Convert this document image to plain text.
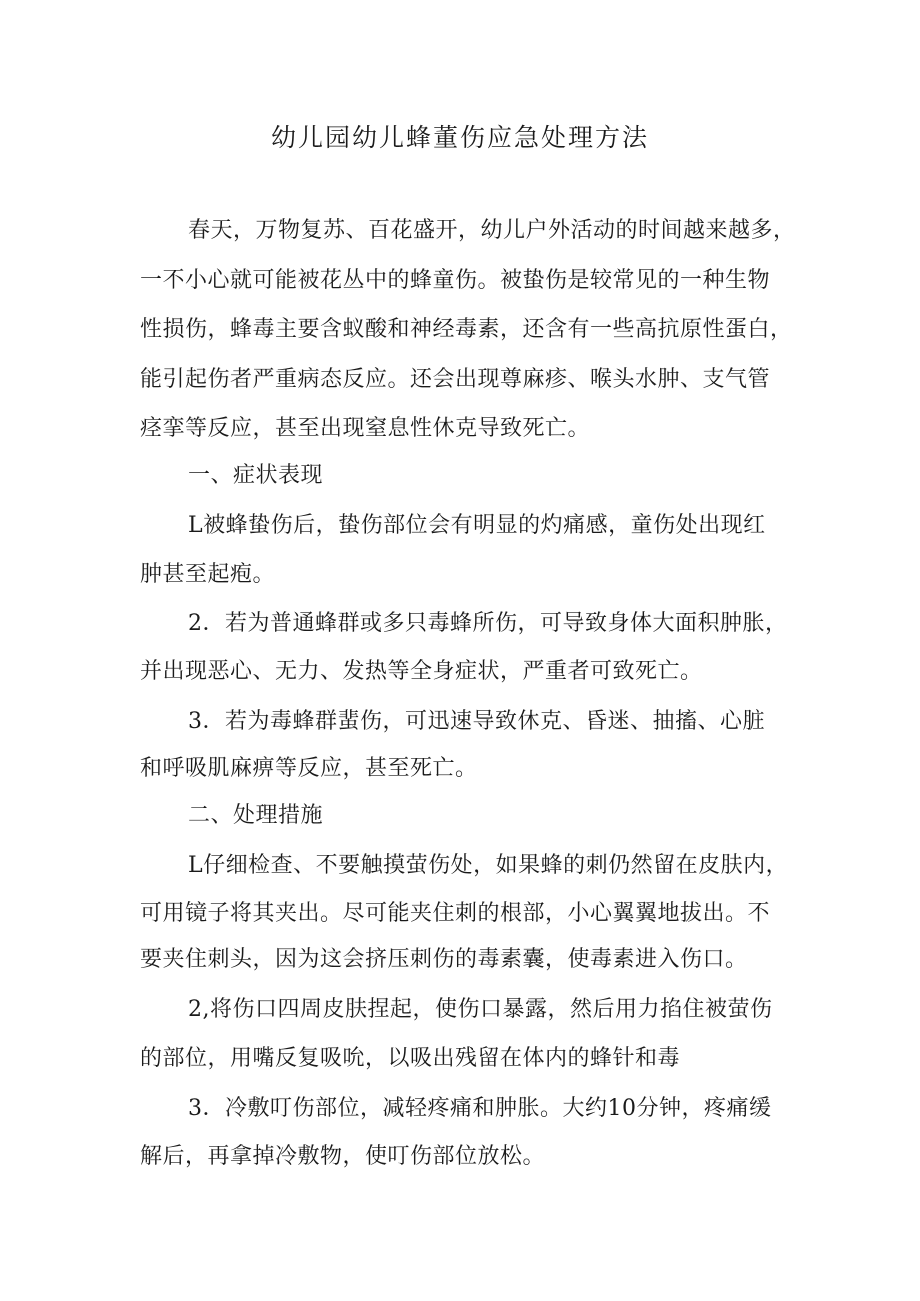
幼儿园幼儿蜂董伤应急处理方法
春天，万物复苏、百花盛开，幼儿户外活动的时间越来越多，
一不小心就可能被花丛中的蜂童伤。被蛰伤是较常见的一种生物
性损伤，蜂毒主要含蚁酸和神经毒素，还含有一些高抗原性蛋白，
能引起伤者严重病态反应。还会出现尊麻疹、喉头水肿、支气管
痉挛等反应，甚至出现窒息性休克导致死亡。
一、症状表现
L被蜂蛰伤后，蛰伤部位会有明显的灼痛感，童伤处出现红
肿甚至起疱。
2．若为普通蜂群或多只毒蜂所伤，可导致身体大面积肿胀，
并出现恶心、无力、发热等全身症状，严重者可致死亡。
3．若为毒蜂群蜚伤，可迅速导致休克、昏迷、抽搐、心脏
和呼吸肌麻痹等反应，甚至死亡。
二、处理措施
L仔细检查、不要触摸萤伤处，如果蜂的刺仍然留在皮肤内，
可用镜子将其夹出。尽可能夹住刺的根部，小心翼翼地拔出。不
要夹住刺头，因为这会挤压刺伤的毒素囊，使毒素进入伤口。
2,将伤口四周皮肤捏起，使伤口暴露，然后用力掐住被萤伤
的部位，用嘴反复吸吮，以吸出残留在体内的蜂针和毒
3．冷敷叮伤部位，减轻疼痛和肿胀。大约10分钟，疼痛缓
解后，再拿掉冷敷物，使叮伤部位放松。
